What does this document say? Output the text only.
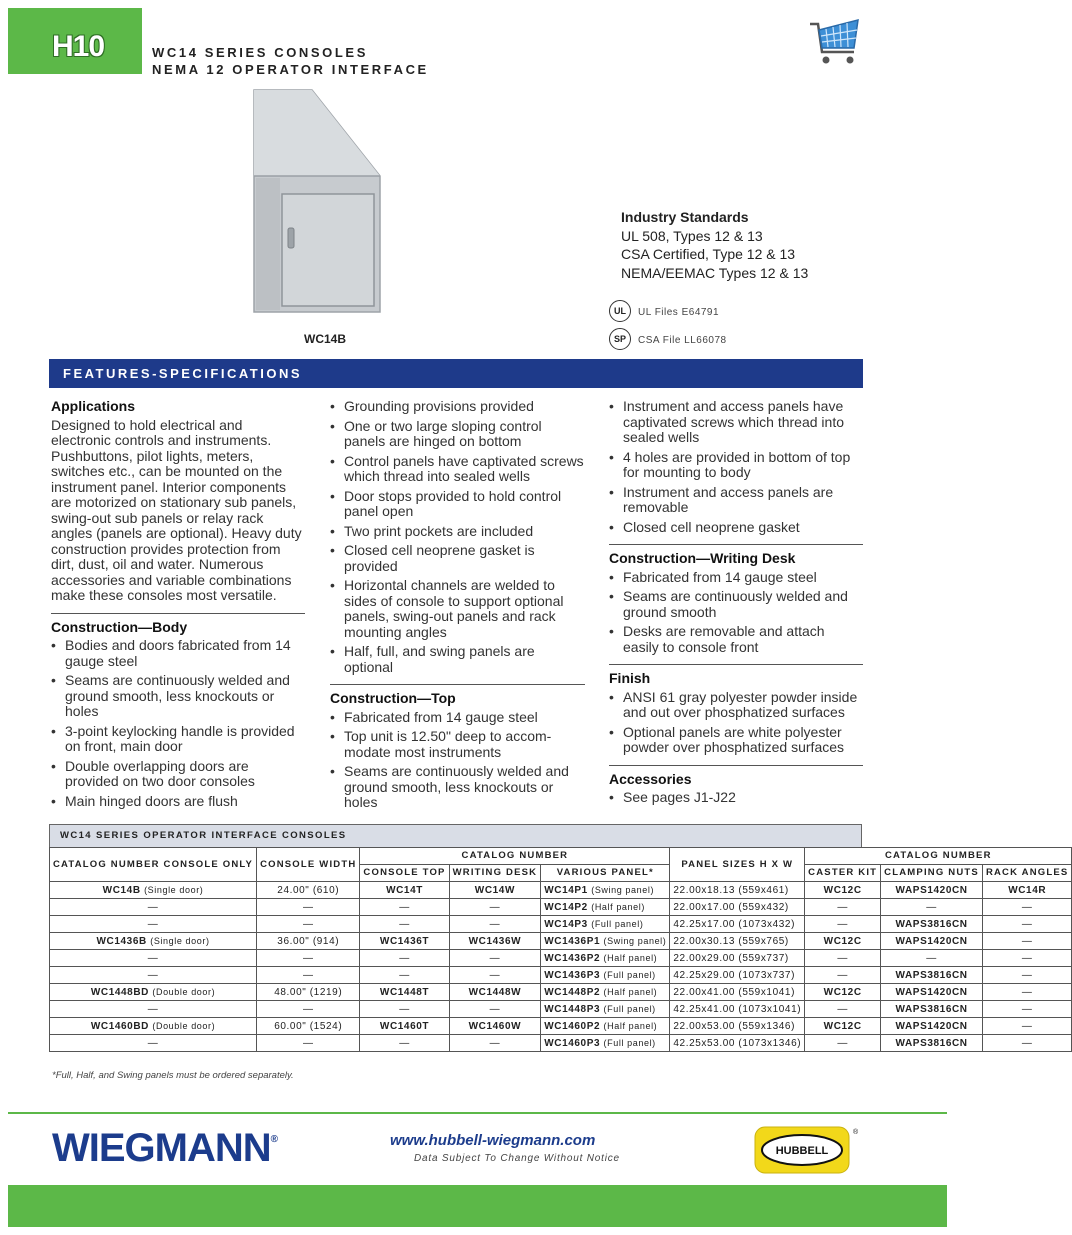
H10	WC14 SERIES CONSOLES
NEMA 12 OPERATOR INTERFACE
WC14B
Industry Standards
UL 508, Types 12 & 13
CSA Certified, Type 12 & 13
NEMA/EEMAC Types 12 & 13
UL	UL Files E64791
SP	CSA File LL66078
FEATURES-SPECIFICATIONS
Applications

Designed to hold electrical and electronic controls and instruments. Pushbuttons, pilot lights, meters, switches etc., can be mounted on the instrument panel. Interior components are motorized on stationary sub panels, swing-out sub panels or relay rack angles (panels are optional). Heavy duty construction provides protection from dirt, dust, oil and water. Numerous accessories and variable combinations make these consoles most versatile.

Construction—Body
• Bodies and doors fabricated from 14 gauge steel
• Seams are continuously welded and ground smooth, less knockouts or holes
• 3-point keylocking handle is provided on front, main door
• Double overlapping doors are provided on two door consoles
• Main hinged doors are flush
• Grounding provisions provided
• One or two large sloping control panels are hinged on bottom
• Control panels have captivated screws which thread into sealed wells
• Door stops provided to hold control panel open
• Two print pockets are included
• Closed cell neoprene gasket is provided
• Horizontal channels are welded to sides of console to support optional panels, swing-out panels and rack mounting angles
• Half, full, and swing panels are optional
Construction—Top
• Fabricated from 14 gauge steel
• Top unit is 12.50" deep to accom-modate most instruments
• Seams are continuously welded and ground smooth, less knockouts or holes
• Instrument and access panels have captivated screws which thread into sealed wells
• 4 holes are provided in bottom of top for mounting to body
• Instrument and access panels are removable
• Closed cell neoprene gasket
Construction—Writing Desk
• Fabricated from 14 gauge steel
• Seams are continuously welded and ground smooth
• Desks are removable and attach easily to console front
Finish
• ANSI 61 gray polyester powder inside and out over phosphatized surfaces
• Optional panels are white polyester powder over phosphatized surfaces
Accessories
• See pages J1-J22
WC14 SERIES OPERATOR INTERFACE CONSOLES
CATALOG NUMBER CONSOLE ONLY	CONSOLE WIDTH	CATALOG NUMBER			PANEL SIZES H X W	CATALOG NUMBER		
		CONSOLE TOP	WRITING DESK	VARIOUS PANEL*		CASTER KIT	CLAMPING NUTS	RACK ANGLES
WC14B (Single door)	24.00" (610)	WC14T	WC14W	WC14P1 (Swing panel)	22.00x18.13 (559x461)	WC12C	WAPS1420CN	WC14R
—	—	—	—	WC14P2 (Half panel)	22.00x17.00 (559x432)	—	—	—
—	—	—	—	WC14P3 (Full panel)	42.25x17.00 (1073x432)	—	WAPS3816CN	—
WC1436B (Single door)	36.00" (914)	WC1436T	WC1436W	WC1436P1 (Swing panel)	22.00x30.13 (559x765)	WC12C	WAPS1420CN	—
—	—	—	—	WC1436P2 (Half panel)	22.00x29.00 (559x737)	—	—	—
—	—	—	—	WC1436P3 (Full panel)	42.25x29.00 (1073x737)	—	WAPS3816CN	—
WC1448BD (Double door)	48.00" (1219)	WC1448T	WC1448W	WC1448P2 (Half panel)	22.00x41.00 (559x1041)	WC12C	WAPS1420CN	—
—	—	—	—	WC1448P3 (Full panel)	42.25x41.00 (1073x1041)	—	WAPS3816CN	—
WC1460BD (Double door)	60.00" (1524)	WC1460T	WC1460W	WC1460P2 (Half panel)	22.00x53.00 (559x1346)	WC12C	WAPS1420CN	—
—	—	—	—	WC1460P3 (Full panel)	42.25x53.00 (1073x1346)	—	WAPS3816CN	—
*Full, Half, and Swing panels must be ordered separately.
WIEGMANN®	www.hubbell-wiegmann.com
Data Subject To Change Without Notice
HUBBELL
®
